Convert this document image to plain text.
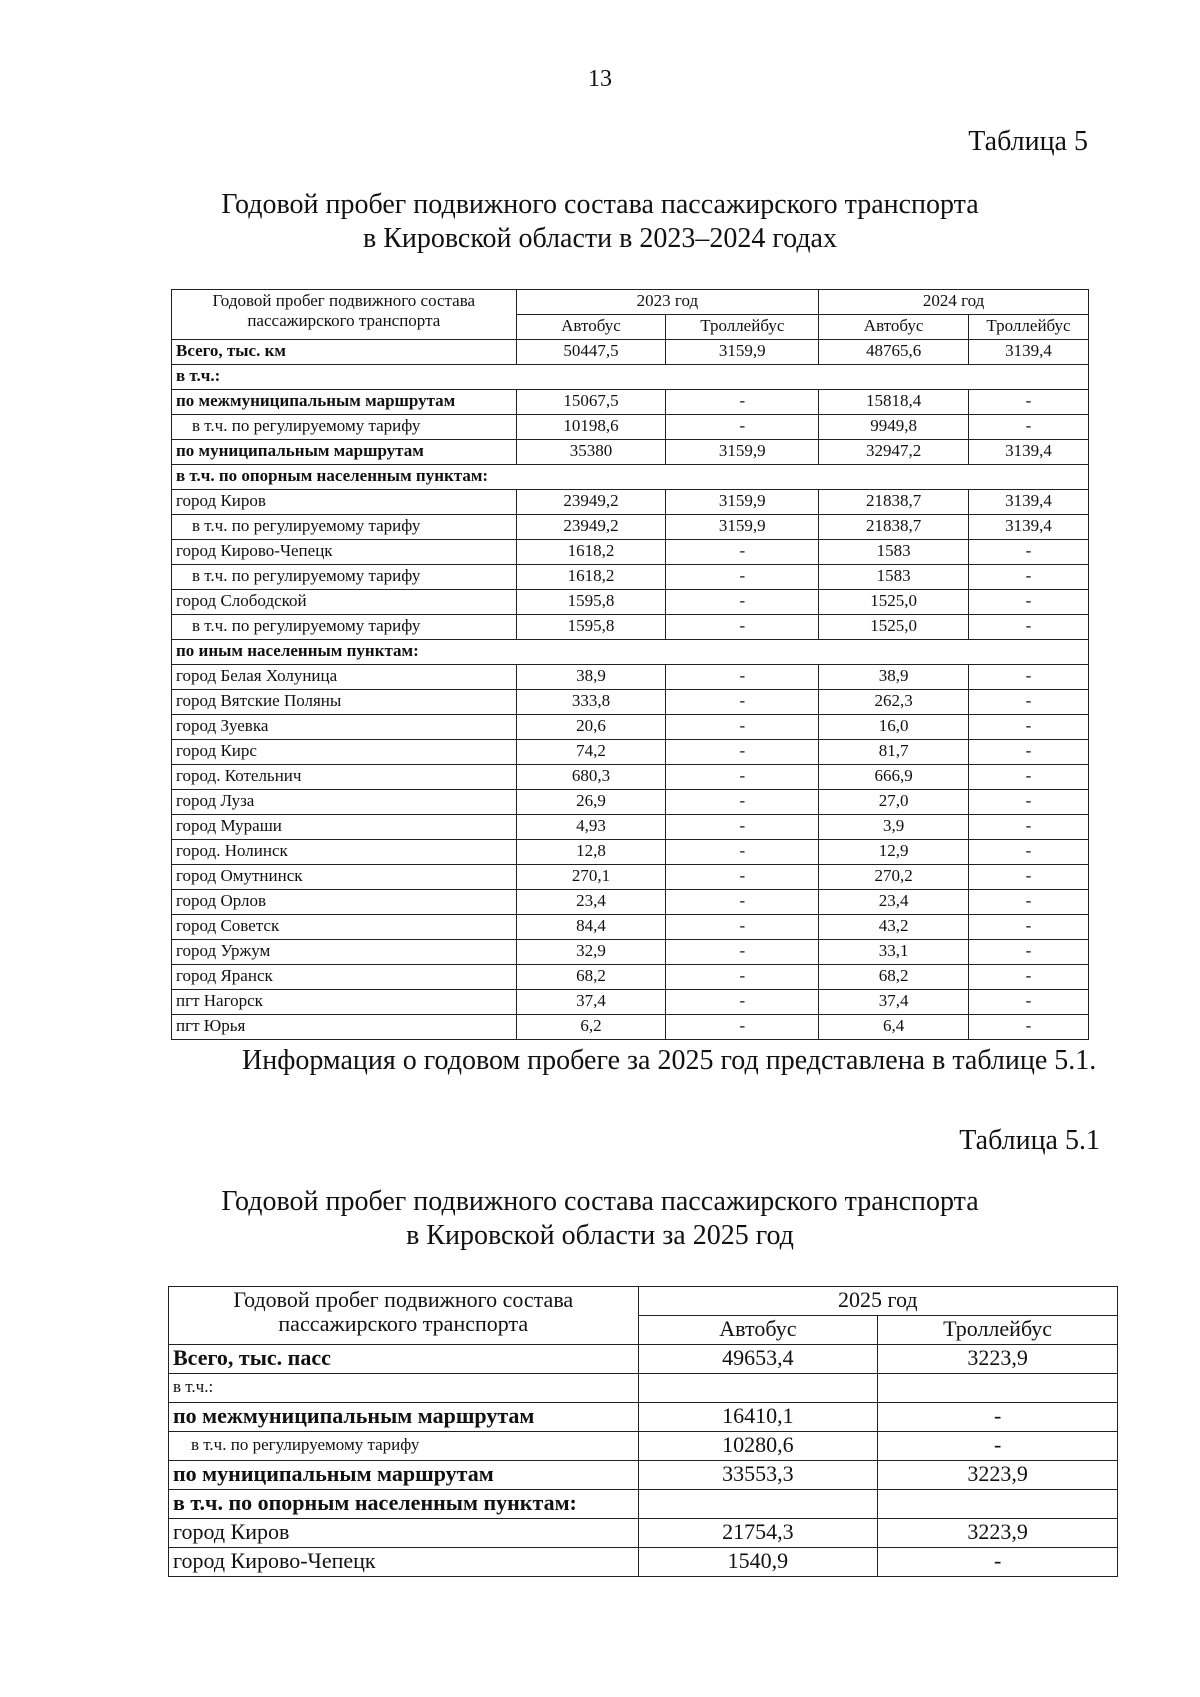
13
Таблица 5
Годовой пробег подвижного состава пассажирского транспорта
в Кировской области в 2023–2024 годах
Годовой пробег подвижного состава
пассажирского транспорта	2023 год		2024 год	
	Автобус	Троллейбус	Автобус	Троллейбус
Всего, тыс. км	50447,5	3159,9	48765,6	3139,4
в т.ч.:				
по межмуниципальным маршрутам	15067,5	-	15818,4	-
в т.ч. по регулируемому тарифу	10198,6	-	9949,8	-
по муниципальным маршрутам	35380	3159,9	32947,2	3139,4
в т.ч. по опорным населенным пунктам:				
город Киров	23949,2	3159,9	21838,7	3139,4
в т.ч. по регулируемому тарифу	23949,2	3159,9	21838,7	3139,4
город Кирово-Чепецк	1618,2	-	1583	-
в т.ч. по регулируемому тарифу	1618,2	-	1583	-
город Слободской	1595,8	-	1525,0	-
в т.ч. по регулируемому тарифу	1595,8	-	1525,0	-
по иным населенным пунктам:				
город Белая Холуница	38,9	-	38,9	-
город Вятские Поляны	333,8	-	262,3	-
город Зуевка	20,6	-	16,0	-
город Кирс	74,2	-	81,7	-
город. Котельнич	680,3	-	666,9	-
город Луза	26,9	-	27,0	-
город Мураши	4,93	-	3,9	-
город. Нолинск	12,8	-	12,9	-
город Омутнинск	270,1	-	270,2	-
город Орлов	23,4	-	23,4	-
город Советск	84,4	-	43,2	-
город Уржум	32,9	-	33,1	-
город Яранск	68,2	-	68,2	-
пгт Нагорск	37,4	-	37,4	-
пгт Юрья	6,2	-	6,4	-
Информация о годовом пробеге за 2025 год представлена в таблице 5.1.
Таблица 5.1
Годовой пробег подвижного состава пассажирского транспорта
в Кировской области за 2025 год
Годовой пробег подвижного состава
пассажирского транспорта	2025 год	
	Автобус	Троллейбус
Всего, тыс. пасс	49653,4	3223,9
в т.ч.:		
по межмуниципальным маршрутам	16410,1	-
в т.ч. по регулируемому тарифу	10280,6	-
по муниципальным маршрутам	33553,3	3223,9
в т.ч. по опорным населенным пунктам:		
город Киров	21754,3	3223,9
город Кирово-Чепецк	1540,9	-
